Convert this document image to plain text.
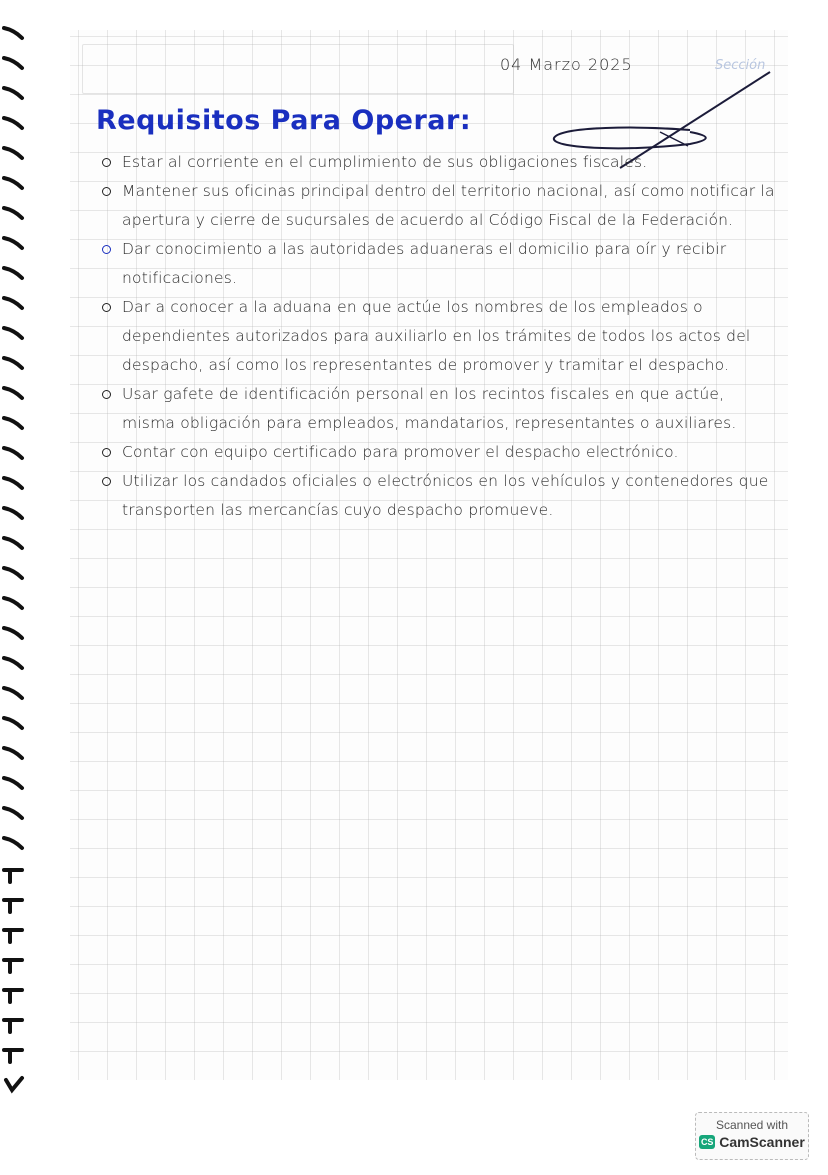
Sección
04 Marzo 2025
Requisitos Para Operar:
Estar al corriente en el cumplimiento de sus obligaciones fiscales.
Mantener sus oficinas principal dentro del territorio nacional, así como notificar la apertura y cierre de sucursales de acuerdo al Código Fiscal de la Federación.
Dar conocimiento a las autoridades aduaneras el domicilio para oír y recibir notificaciones.
Dar a conocer a la aduana en que actúe los nombres de los empleados o dependientes autorizados para auxiliarlo en los trámites de todos los actos del despacho, así como los representantes de promover y tramitar el despacho.
Usar gafete de identificación personal en los recintos fiscales en que actúe, misma obligación para empleados, mandatarios, representantes o auxiliares.
Contar con equipo certificado para promover el despacho electrónico.
Utilizar los candados oficiales o electrónicos en los vehículos y contenedores que transporten las mercancías cuyo despacho promueve.
Scanned with
CS CamScanner
